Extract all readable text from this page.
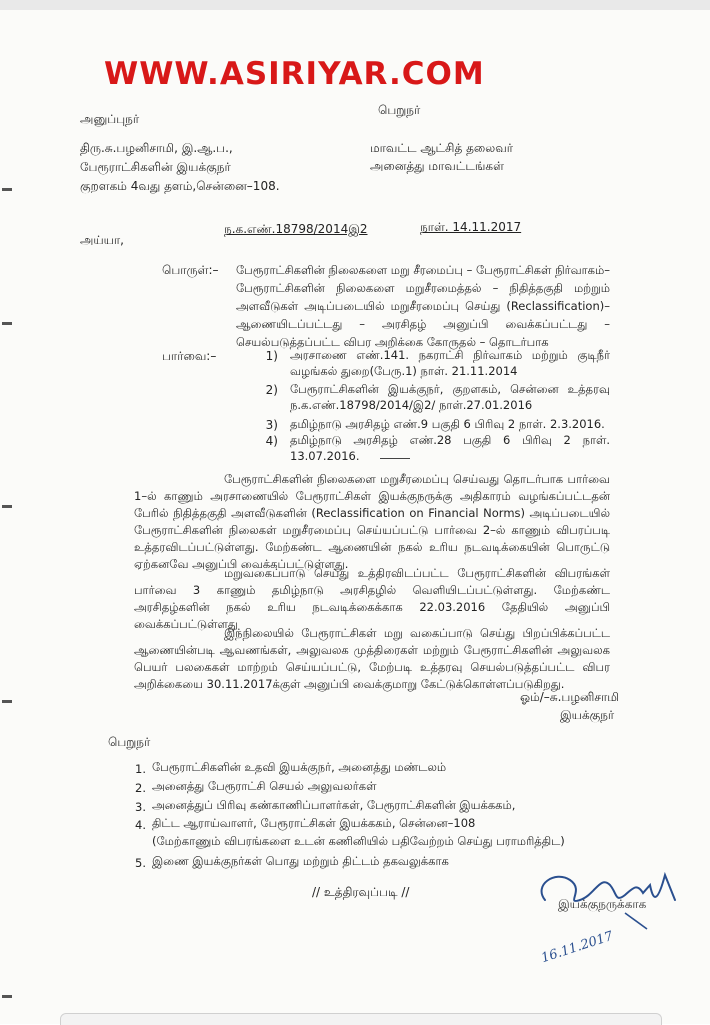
WWW.ASIRIYAR.COM
அனுப்புநர்
பெறுநர்
திரு.சு.பழனிசாமி, இ.ஆ.ப.,
பேரூராட்சிகளின் இயக்குநர்
குறளகம் 4வது தளம்,சென்னை–108.
மாவட்ட ஆட்சித் தலைவர்
அனைத்து மாவட்டங்கள்
ந.க.எண்.18798/2014இ2	நாள். 14.11.2017
அய்யா,
பொருள்:– பேரூராட்சிகளின் நிலைகளை மறு சீரமைப்பு – பேரூராட்சிகள் நிர்வாகம்– பேரூராட்சிகளின் நிலைகளை மறுசீரமைத்தல் – நிதித்தகுதி மற்றும் அளவீடுகள் அடிப்படையில் மறுசீரமைப்பு செய்து (Reclassification)– ஆணையிடப்பட்டது – அரசிதழ் அனுப்பி வைக்கப்பட்டது – செயல்படுத்தப்பட்ட விபர அறிக்கை கோருதல் – தொடர்பாக
பார்வை:–	1) அரசாணை எண்.141. நகராட்சி நிர்வாகம் மற்றும் குடிநீர் வழங்கல் துறை(பேரு.1) நாள். 21.11.2014
2) பேரூராட்சிகளின் இயக்குநர், குறளகம், சென்னை உத்தரவு ந.க.எண்.18798/2014/இ2/ நாள்.27.01.2016
3) தமிழ்நாடு அரசிதழ் எண்.9 பகுதி 6 பிரிவு 2 நாள். 2.3.2016.
4) தமிழ்நாடு அரசிதழ் எண்.28 பகுதி 6 பிரிவு 2 நாள். 13.07.2016.
பேரூராட்சிகளின் நிலைகளை மறுசீரமைப்பு செய்வது தொடர்பாக பார்வை 1–ல் காணும் அரசாணையில் பேரூராட்சிகள் இயக்குநருக்கு அதிகாரம் வழங்கப்பட்டதன் பேரில் நிதித்தகுதி அளவீடுகளின் (Reclassification on Financial Norms) அடிப்படையில் பேரூராட்சிகளின் நிலைகள் மறுசீரமைப்பு செய்யப்பட்டு பார்வை 2–ல் காணும் விபரப்படி உத்தரவிடப்பட்டுள்ளது. மேற்கண்ட ஆணையின் நகல் உரிய நடவடிக்கையின் பொருட்டு ஏற்கனவே அனுப்பி வைக்கப்பட்டுள்ளது.
மறுவகைப்பாடு செய்து உத்திரவிடப்பட்ட பேரூராட்சிகளின் விபரங்கள் பார்வை 3 காணும் தமிழ்நாடு அரசிதழில் வெளியிடப்பட்டுள்ளது. மேற்கண்ட அரசிதழ்களின் நகல் உரிய நடவடிக்கைக்காக 22.03.2016 தேதியில் அனுப்பி வைக்கப்பட்டுள்ளது
இந்நிலையில் பேரூராட்சிகள் மறு வகைப்பாடு செய்து பிறப்பிக்கப்பட்ட ஆணையின்படி ஆவணங்கள், அலுவலக முத்திரைகள் மற்றும் பேரூராட்சிகளின் அலுவலக பெயர் பலகைகள் மாற்றம் செய்யப்பட்டு, மேற்படி உத்தரவு செயல்படுத்தப்பட்ட விபர அறிக்கையை 30.11.2017க்குள் அனுப்பி வைக்குமாறு கேட்டுக்கொள்ளப்படுகிறது.
ஓம்/–சு.பழனிசாமி
இயக்குநர்
பெறுநர்
1. பேரூராட்சிகளின் உதவி இயக்குநர், அனைத்து மண்டலம்
2. அனைத்து பேரூராட்சி செயல் அலுவலர்கள்
3. அனைத்துப் பிரிவு கண்காணிப்பாளர்கள், பேரூராட்சிகளின் இயக்ககம்,
4. திட்ட ஆராய்வாளர், பேரூராட்சிகள் இயக்ககம், சென்னை–108
(மேற்காணும் விபரங்களை உடன் கணினியில் பதிவேற்றம் செய்து பராமரித்திட)
5. இணை இயக்குநர்கள் பொது மற்றும் திட்டம் தகவலுக்காக
// உத்திரவுப்படி //
இயக்குநருக்காக
16.11.2017
